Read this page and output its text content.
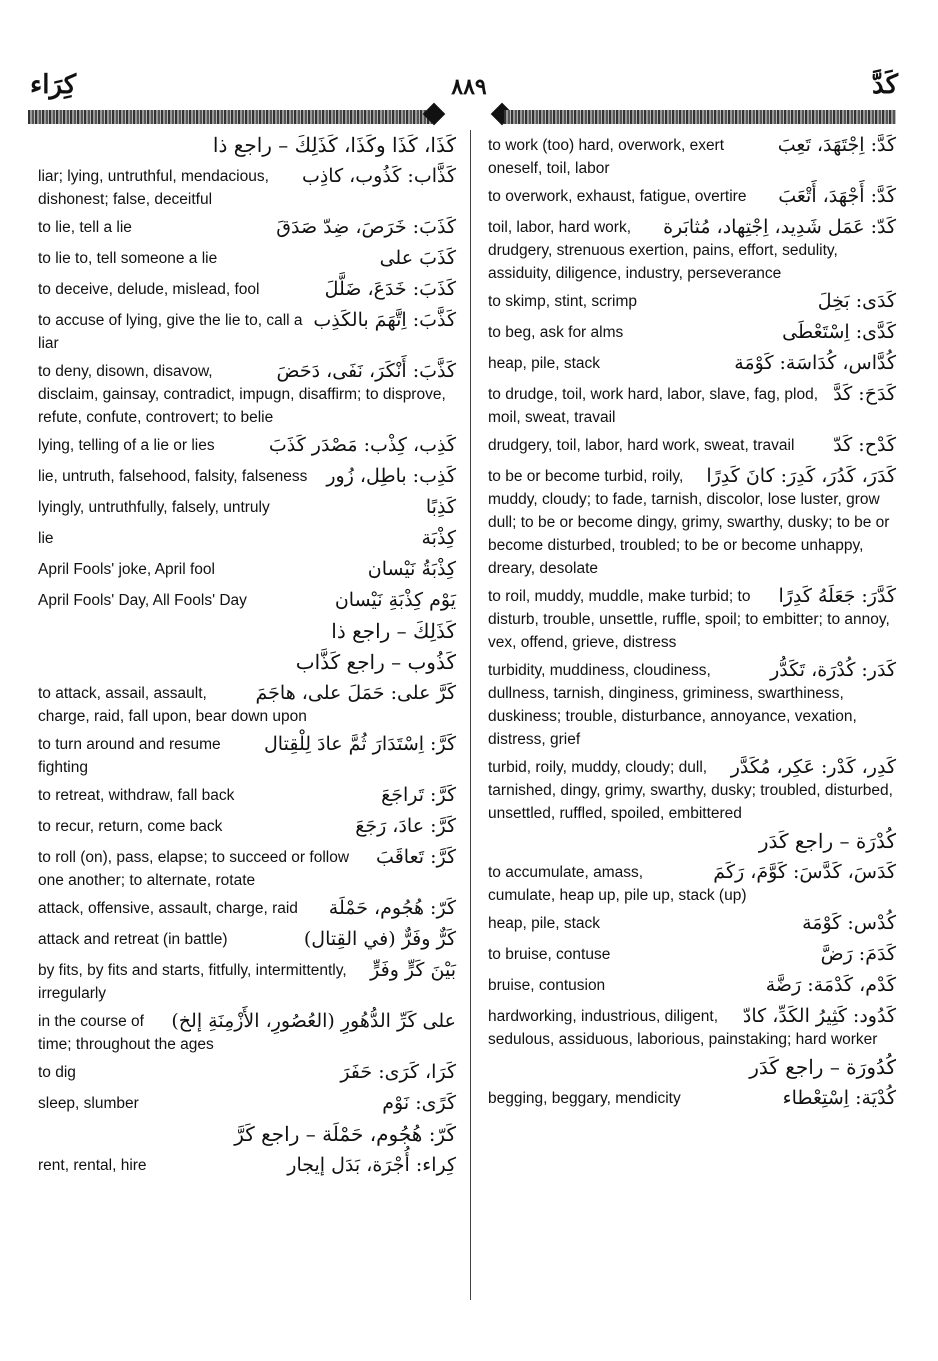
كِرَاء	٨٨٩	كَدَّ
كَذَا، كَذَا وكَذَا، كَذَلِكَ – راجع ذا
كَذَّاب: كَذُوب، كاذِب
liar; lying, untruthful, mendacious, dishonest; false, deceitful
كَذَبَ: خَرَصَ، ضِدّ صَدَقَ
to lie, tell a lie
كَذَبَ على
to lie to, tell someone a lie
كَذَبَ: خَدَعَ، ضَلَّلَ
to deceive, delude, mislead, fool
كَذَّبَ: اِتَّهَمَ بالكَذِب
to accuse of lying, give the lie to, call a liar
كَذَّبَ: أَنْكَرَ، نَفَى، دَحَضَ
to deny, disown, disavow, disclaim, gainsay, contradict, impugn, disaffirm; to disprove, refute, confute, controvert; to belie
كَذِب، كِذْب: مَصْدَر كَذَبَ
lying, telling of a lie or lies
كَذِب: باطِل، زُور
lie, untruth, falsehood, falsity, falseness
كَذِبًا
lyingly, untruthfully, falsely, untruly
كِذْبَة
lie
كِذْبَةُ نَيْسان
April Fools' joke, April fool
يَوْم كِذْبَةِ نَيْسان
April Fools' Day, All Fools' Day
كَذَلِكَ – راجع ذا
كَذُوب – راجع كَذَّاب
كَرَّ على: حَمَلَ على، هاجَمَ
to attack, assail, assault, charge, raid, fall upon, bear down upon
كَرَّ: اِسْتَدَارَ ثُمَّ عادَ لِلْقِتال
to turn around and resume fighting
كَرَّ: تَراجَعَ
to retreat, withdraw, fall back
كَرَّ: عادَ، رَجَعَ
to recur, return, come back
كَرَّ: تَعاقَبَ
to roll (on), pass, elapse; to succeed or follow one another; to alternate, rotate
كَرّ: هُجُوم، حَمْلَة
attack, offensive, assault, charge, raid
كَرٌّ وفَرٌّ (في القِتال)
attack and retreat (in battle)
بَيْنَ كَرٍّ وفَرٍّ
by fits, by fits and starts, fitfully, intermittently, irregularly
على كَرِّ الدُّهُورِ (العُصُورِ، الأَزْمِنَةِ إلخ)
in the course of time; throughout the ages
كَرَا، كَرَى: حَفَرَ
to dig
كَرًى: نَوْم
sleep, slumber
كَرّ: هُجُوم، حَمْلَة – راجع كَرَّ
كِراء: أُجْرَة، بَدَل إيجار
rent, rental, hire
كَدَّ: اِجْتَهَدَ، تَعِبَ
to work (too) hard, overwork, exert oneself, toil, labor
كَدَّ: أَجْهَدَ، أَتْعَبَ
to overwork, exhaust, fatigue, overtire
كَدّ: عَمَل شَدِيد، اِجْتِهاد، مُثابَرة
toil, labor, hard work, drudgery, strenuous exertion, pains, effort, sedulity, assiduity, diligence, industry, perseverance
كَدَى: بَخِلَ
to skimp, stint, scrimp
كَدَّى: اِسْتَعْطَى
to beg, ask for alms
كُدَّاس، كُدَاسَة: كَوْمَة
heap, pile, stack
كَدَحَ: كَدَّ
to drudge, toil, work hard, labor, slave, fag, plod, moil, sweat, travail
كَدْح: كَدّ
drudgery, toil, labor, hard work, sweat, travail
كَدَرَ، كَدُرَ، كَدِرَ: كانَ كَدِرًا
to be or become turbid, roily, muddy, cloudy; to fade, tarnish, discolor, lose luster, grow dull; to be or become dingy, grimy, swarthy, dusky; to be or become disturbed, troubled; to be or become unhappy, dreary, desolate
كَدَّرَ: جَعَلَهُ كَدِرًا
to roil, muddy, muddle, make turbid; to disturb, trouble, unsettle, ruffle, spoil; to embitter; to annoy, vex, offend, grieve, distress
كَدَر: كُدْرَة، تَكَدُّر
turbidity, muddiness, cloudiness, dullness, tarnish, dinginess, griminess, swarthiness, duskiness; trouble, disturbance, annoyance, vexation, distress, grief
كَدِر، كَدْر: عَكِر، مُكَدَّر
turbid, roily, muddy, cloudy; dull, tarnished, dingy, grimy, swarthy, dusky; troubled, disturbed, unsettled, ruffled, spoiled, embittered
كُدْرَة – راجع كَدَر
كَدَسَ، كَدَّسَ: كَوَّمَ، رَكَمَ
to accumulate, amass, cumulate, heap up, pile up, stack (up)
كُدْس: كَوْمَة
heap, pile, stack
كَدَمَ: رَضَّ
to bruise, contuse
كَدْم، كَدْمَة: رَضَّة
bruise, contusion
كَدُود: كَثِيرُ الكَدِّ، كادّ
hardworking, industrious, diligent, sedulous, assiduous, laborious, painstaking; hard worker
كُدُورَة – راجع كَدَر
كُدْيَة: اِسْتِعْطاء
begging, beggary, mendicity
